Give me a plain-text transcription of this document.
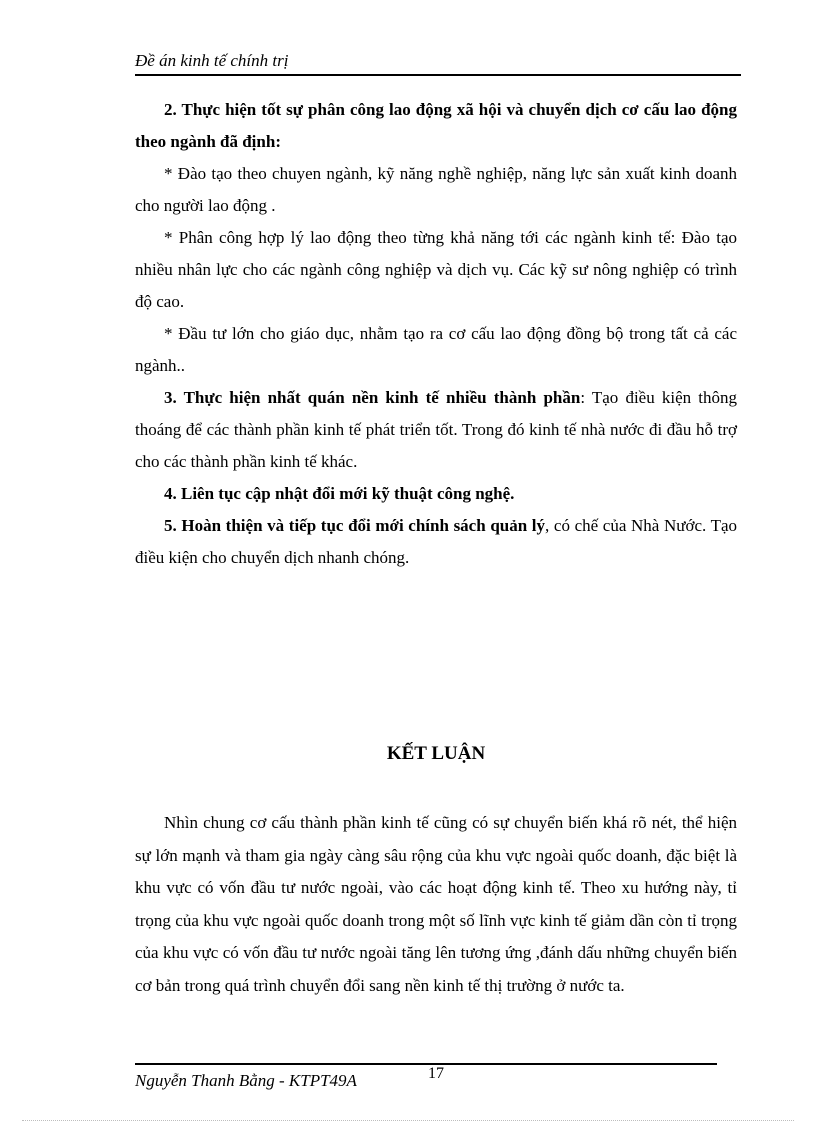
Đề án kinh tế chính trị

2. Thực hiện tốt sự phân công lao động xã hội và chuyển dịch cơ cấu lao động theo ngành đã định:

* Đào tạo theo chuyen ngành, kỹ năng nghề nghiệp, năng lực sản xuất kinh doanh cho người lao động .

* Phân công hợp lý lao động theo từng khả năng tới các ngành kinh tế: Đào tạo nhiều nhân lực cho các ngành công nghiệp và dịch vụ. Các kỹ sư nông nghiệp có trình độ cao.

* Đầu tư lớn cho giáo dục, nhằm tạo ra cơ cấu lao động đồng bộ trong tất cả các ngành..

3. Thực hiện nhất quán nền kinh tế nhiều thành phần: Tạo điều kiện thông thoáng để các thành phần kinh tế phát triển tốt. Trong đó kinh tế nhà nước đi đầu hỗ trợ cho các thành phần kinh tế khác.

4. Liên tục cập nhật đổi mới kỹ thuật công nghệ.

5. Hoàn thiện và tiếp tục đổi mới chính sách quản lý, có chế của Nhà Nước. Tạo điều kiện cho chuyển dịch nhanh chóng.

KẾT LUẬN

Nhìn chung cơ cấu thành phần kinh tế cũng có sự chuyển biến khá rõ nét, thể hiện sự lớn mạnh và tham gia ngày càng sâu rộng của khu vực ngoài quốc doanh, đặc biệt là khu vực có vốn đầu tư nước ngoài, vào các hoạt động kinh tế. Theo xu hướng này, tỉ trọng của khu vực ngoài quốc doanh trong một số lĩnh vực kinh tế giảm dần còn tỉ trọng của khu vực có vốn đầu tư nước ngoài tăng lên tương ứng ,đánh dấu những chuyển biến cơ bản trong quá trình chuyển đổi sang nền kinh tế thị trường ở nước ta.

Nguyễn Thanh Bằng - KTPT49A	17
